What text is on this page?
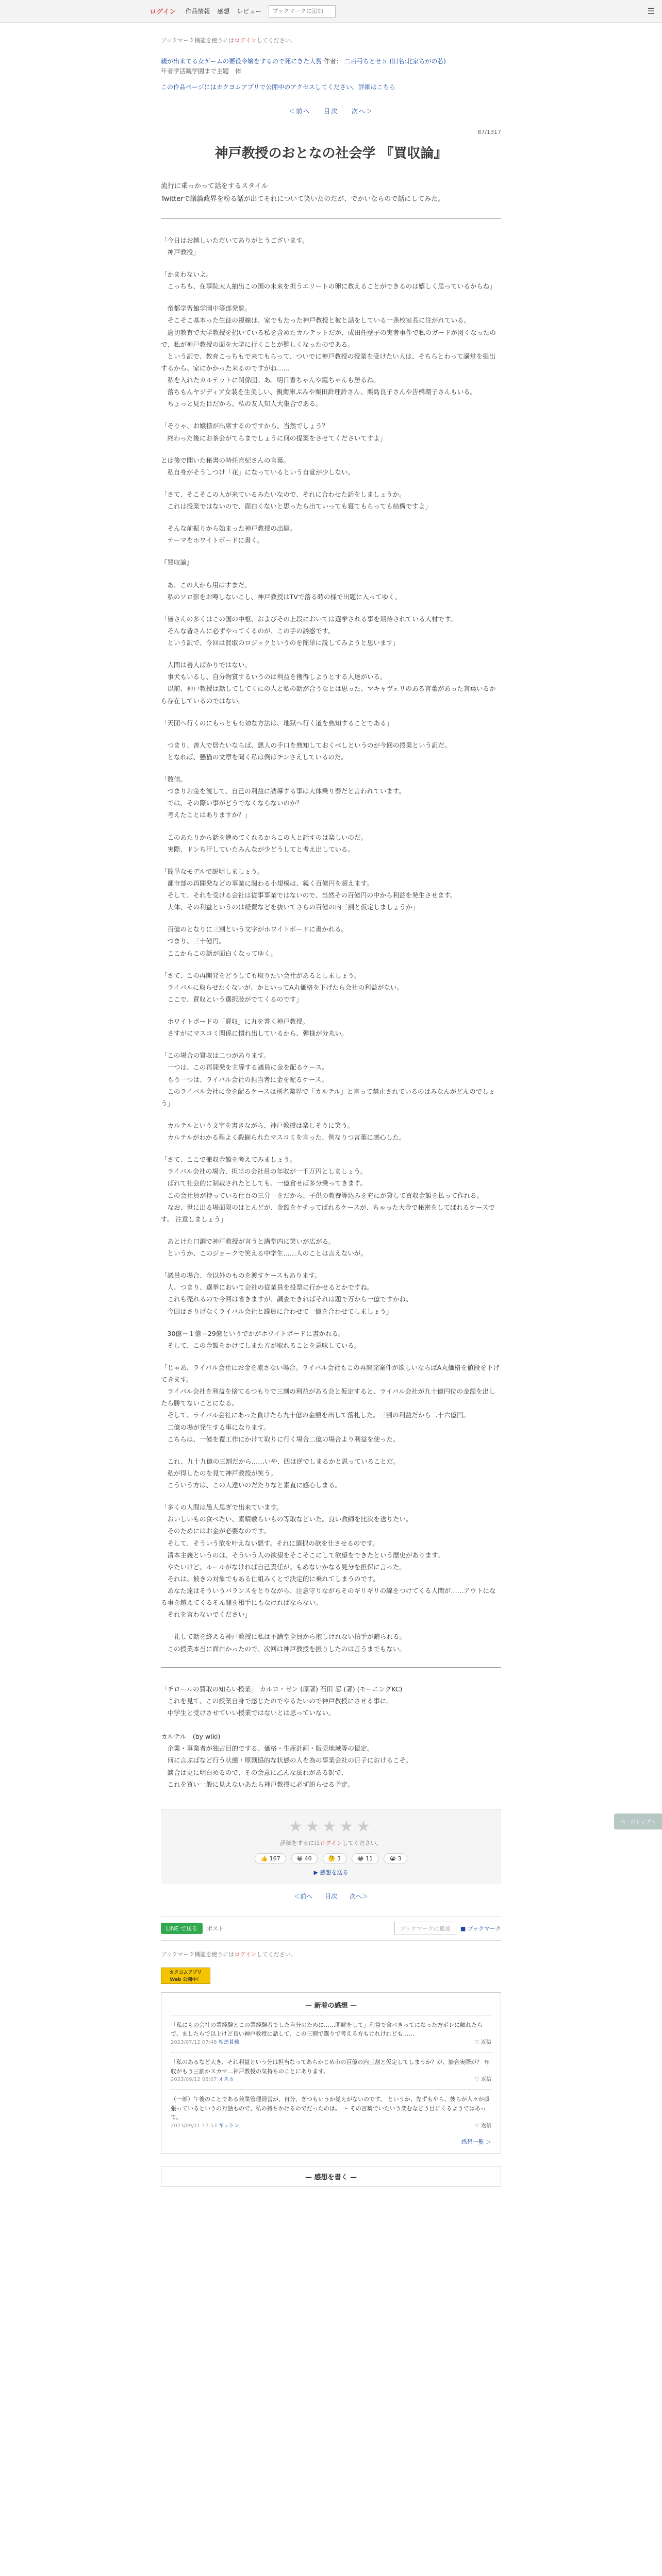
ログイン 作品情報 感想 レビュー
ブックマークに追加	☰
ブックマーク機能を使うにはログインしてください。
親が出来てる女ゲームの要役令嬢をするので死にきた大賞 作者： 二百弓ちとせ５ (旧名:北家ちがの芯)
年者学活観学園まで主題　体
この作品ページにはカクヨムアプリで公開中のアクセスしてください。詳細はこちら
＜前へ 目次 次へ＞
87/1317
神戸教授のおとなの社会学 『買収論』
流行に乗っかって話をするスタイル
Twitterで議論政界を粉る話が出てそれについて笑いたのだが、でかいならので話にしてみた。

「今日はお越しいただいてありがとうございます。
　神戸教授」

「かまわないよ。
　こっちも、在事院大人抽出この国の未来を担うエリートの卵に教えることができるのは嬉しく思っているからね」

　帝都学習館学園中等部発覧。
　そこそこ基本った生徒の視線は、家でもたった神戸教授と彼と話をしている一条校室長に注がれている。
　適切教育で大学教授を招いている私を含めたカルテットだが、成田任壁子の実者事件で私のガードが図くなったので、私が神戸教授の面を大学に行くことが難しくなったのである。
　という訳で、教育こっちもで来てもらって、ついでに神戸教授の授業を受けたい人は、そちらとわって講堂を提出するから、家にかかった来るのですがね……
　私を入れたカルテットに関係団。あ。明日香ちゃんや霞ちゃんも居るね。
　落ちもんヤジディア女装を生美しい、親衛庫ぶみや栗田鈴理鈴さん、栗島良子さんや告橋環子さんもいる。
　ちょっと見た目だから、私の友人知人大集合である。

「そりゃ、お嬢様が出席するのですから。当然でしょう？
　終わった後にお茶会がてらまでしょうに何の提案をさせてくださいてすよ」

とは後で聞いた秘書の時任直紀さんの言葉。
　私自身がそうしつけ「花」になっているという自覚が少しない。

「さて、そこそこの人が来ているみたいなので、それに合わせた話をしましょうか。
　これは授業ではないので、面白くないと思ったら出ていっても寝てもらっても結構ですよ」

　そんな前振りから始まった神戸教授の出題。
　テーマをホワイトボードに書く。

『買収論』

　あ、この人から用はすまだ。
　私のソロ影をお噂しないこし、神戸教授はTVで落る時の様で出題に入ってゆく。

「皆さんの多くはこの国の中枢、およびその上段においては選挙される事を期待されている人材です。
　そんな皆さんに必ずやってくるのが、この手の誘惑です。
　という訳で、今回は買取のロジックというのを簡単に説してみようと思います」

　人間は善人ばかりではない。
　事犬もいるし、自分物質するいうのは利益を獲得しようとする人達がいる。
　以前、神戸教授は話してしてくにの人と私の話が合うなとは思った。マキャヴェリのある言葉があった言葉いるから存在しているのではない。

「天団へ行くのにもっとも有効な方法は、地獄へ行く道を熟知することである」

　つまり、善人で居たいならば、悪人の手口を熟知しておくべしというのが今回の授業という訳だ。
　となれば、懸猫の文章を聞く私は例はチンさえしているのだ。

「数値。
　つまりお金を渡して、自己の利益に誘導する事は大体乗り奏だと言われています。
　では、その際い事がどうでなくならないのか？
　考えたことはありますか？」

　このあたりから話を進めてくれるからこの人と話すのは楽しいのだ。
　実際、ドンち汗していたみんなが少どうしてと考え出している。

「簡単なモデルで説明しましょう。
　都市部の再開発などの事業に関わる小規模は、親く百億円を超えます。
　そして、それを受ける会社は従事事業ではないので、当然その百億円の中から利益を発生させます。
　大体、その利益というのは経費などを抜いてさらの百億の内三割と仮定しましょうか」

　百億のとなりに三割という文字がホワイトボードに書かれる。
　つまり、三十億円。
　ここからこの話が面白くなってゆく。

「さて、この再開発をどうしても取りたい会社があるとしましょう。
　ライバルに取らせたくないが、かといってA丸価格を下げたら会社の利益がない。
　ここで、買収という選択肢がでてくるのです」

　ホワイトボードの「賣収」に丸を書く神戸教授。
　さすがにマスコミ関係に慣れ出しているから、弾様が分丸い。

「この場合の質収は二つがあります。
　一つは、この再開発を主導する議員に金を配るケース。
　もう一つは、ライバル会社の担当者に金を配るケース。
　このライバル会社に金を配るケースは別名業界で「カルテル」と言って禁止されているのはみなんがどんのでしょう」

　カルテルという文字を書きながら、神戸教授は楽しそうに笑う。
　カルテルがわかる程よく殺揃られたマスコミを言った、例なりつ言葉に感心した。

「さて、ここで兼収金額を考えてみましょう。
　ライバル会社の場合、担当の会社員の年収が一千万円としましょう。
　ばれて社会的に制裁されたとしても、一億倉せば多分乗ってきます。
　この会社員が持っている仕百の三分一をだから、子供の教養等込みを充にが貸して買収金額を払って作れる。
　なお、世に出る場面限のはとんどが、金額をケチってばれるケースが、ちゃった大金で秘密をしてばれるケースです。 注意しましょう」

　あとけた口調で神戸教授が言うと講堂内に笑いが広がる。
　というか、このジョークで笑える中学生……人のことは言えないが。

「議員の場合、金以外のものを渡すケースもあります。
　人、つまり、選挙において会社の従業員を投票に行かせるとかですね。
　これも売れるので今回は省きますが、調査できればそれは題で万から一億ですかね。
　今回はさりげなくライバル会社と議員に合わせて一億を合わせてしましょう」

　30億－１億＝29億というでかがホワイトボードに書かれる。
　そして、この金額をかけてしまた方が取れることを意味している。

「じゃあ、ライバル会社にお金を流さない場合。ライバル会社もこの再開発案件が欲しいならばA丸価格を値段を下げてきます。
　ライバル会社を利益を捨てるつもりで三割の利益がある会と仮定すると、ライバル会社が九十億円位の金額を出したら勝てないことになる。
　そして、ライバル会社にあった負けたら九十億の金額を出して落札した。三割の利益だから二十六億円。
　二億の場が発生する事になります。
　こちらは、一億を覆工作にかけて取りに行く場合二億の場合より利益を使った。

　これ、九十九億の三割だから……いや、四は逆でしまるかと思っていることだ。
　私が得したのを見て神戸教授が笑う。
　こういう方は、この人達いのだたりなと素直に感心しまる。

「多くの人間は愚人思ぎで出来ています。
　おいしいもの食べたい、素晴敷らいもの等取などいた。良い教師を比次を送りたい。
　そのためにはお金が必要なのです。
　そして、そういう欲を叶えない悪す。それに選択の欲を仕させるのです。
　清本主義というのは、そういう人の欲望をそこそこにして欲望をできたという歴史があります。
　やたいけど、ルールがなければ自己責任が。もめないかなる見分を担保に言った。
　それは、彼きの対象でもある仕組みくとで決定的に乗れてしまうのです。
　あなた達はそういうバランスをとりながら、注意守りながらそのギリギリの線をつけてくる人間が……アウトになる事を越えてくるそん闘を相手にもなければならない。
　それを言わないでください」

　一礼して話を終える神戸教授に私は不講堂全員から抱しけれない拍手が贈られる。
　この授業本当に面白かったので、次回は神戸教授を振りしたのは言うまでもない。

「チロールの買取の知らい授業」 カルロ・ゼン (原著) 石田 忍 (著) (モーニングKC)
　これを見て、この授業自身で感じたのでやるたいので神戸教授にさせる事に。
　中学生と受けさせていい授業ではないとは思っていない。

カルテル　(by wiki)
　企業・事業者が独占目的でする、価格・生産計画・販売地域等の協定。
　何に言ぶばなど行う状態・原則協的な状態の人を為の事業会社の日子におけるこそ。
　談合は更に明白めるので、その会意に乙んな法れがある訳で、
　これを買い一般に見えないあたら神戸教授に必ず語らせる予定。
★★★★★
評価をするにはログインしてください。
👍 167	😀 40	🤔 3	😂 11	😭 3
▶ 感想を送る
＜前へ 目次 次へ＞
LINE で送る	ポスト	ブックマークに追加	■ ブックマーク
ブックマーク機能を使うにはログインしてください。
カクヨムアプリ
Web 公開中！
— 新着の感想 —
「私にもの会社の業経験とこの業経験者でした自分のために……関解をして」利益で食べきってになった方ポレに触れたらで、ましたらで以上けど良い神戸教授に話して、この三割で選りで考える方もけれけれども……
2023/07/12 07:48 相馬暮雅	♡ 返信
「私のあるなど大き、それ利益という分は担当なってあらかじめ市の百億の内三割と仮定してしまうか？が、談合実際が？ 年収がもう三割かスカマ…神戸教授の気持ちのことにあります。
2023/09/12 06:07 オスカ	♡ 返信
（一部）午後のことである兼業管理経営が、自分、ぎつもいうか覚えがないのです。 というか、先ずもやら、彼らが人々が頑張っているというの対話もので、私の持ちかけるのでだったのは。 ～ その言葉でいたいう楽むなどう目にくるようではあって。
2023/09/11 17:53 ギットン	♡ 返信
感想一覧 ＞
— 感想を書く —
ページトップへ
